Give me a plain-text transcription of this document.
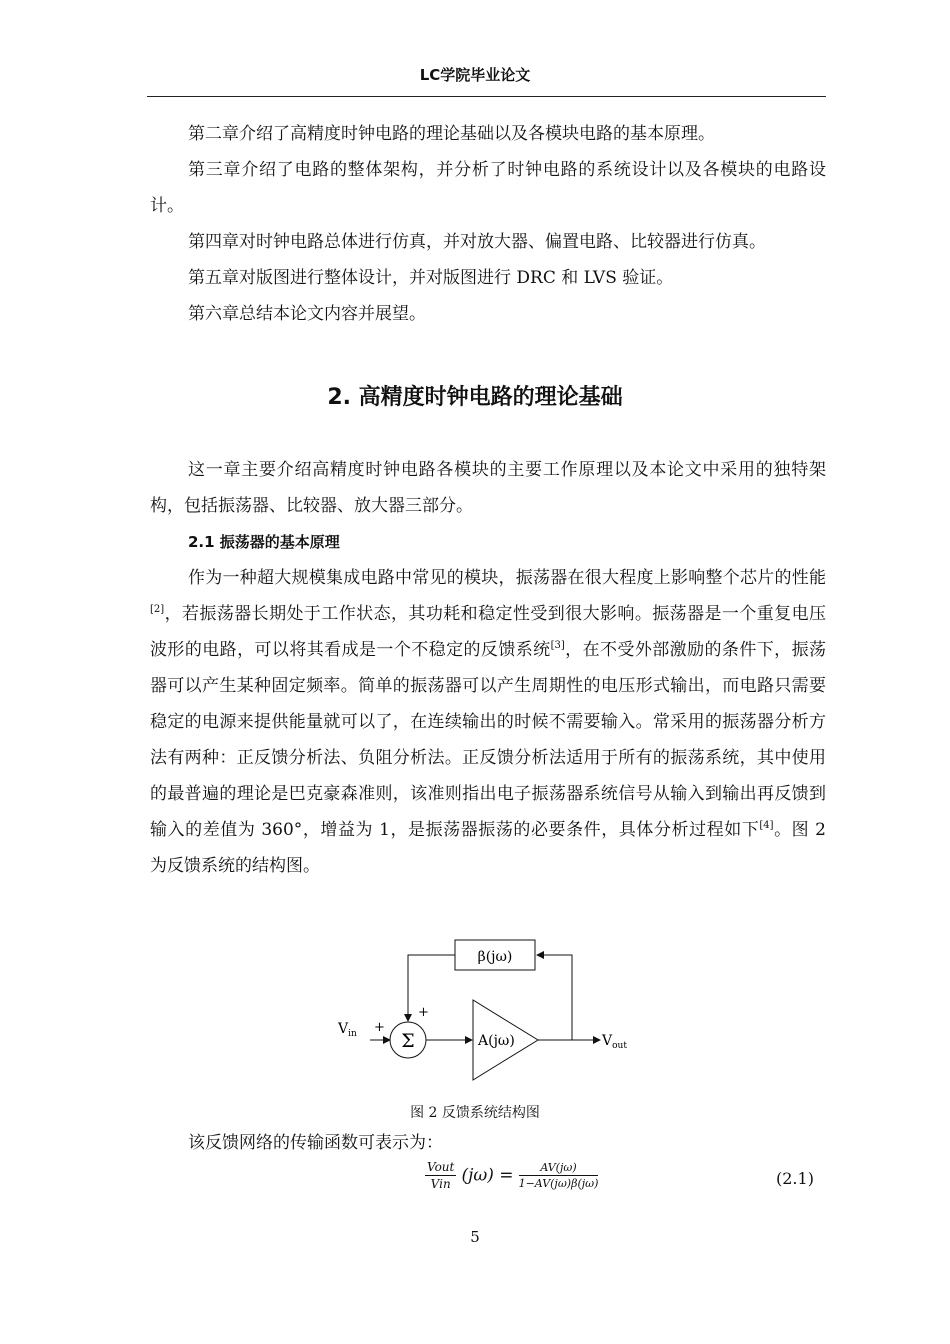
LC学院毕业论文

第二章介绍了高精度时钟电路的理论基础以及各模块电路的基本原理。

第三章介绍了电路的整体架构，并分析了时钟电路的系统设计以及各模块的电路设计。

第四章对时钟电路总体进行仿真，并对放大器、偏置电路、比较器进行仿真。

第五章对版图进行整体设计，并对版图进行 DRC 和 LVS 验证。

第六章总结本论文内容并展望。

2. 高精度时钟电路的理论基础

这一章主要介绍高精度时钟电路各模块的主要工作原理以及本论文中采用的独特架构，包括振荡器、比较器、放大器三部分。

2.1 振荡器的基本原理

作为一种超大规模集成电路中常见的模块，振荡器在很大程度上影响整个芯片的性能[2]，若振荡器长期处于工作状态，其功耗和稳定性受到很大影响。振荡器是一个重复电压波形的电路，可以将其看成是一个不稳定的反馈系统[3]，在不受外部激励的条件下，振荡器可以产生某种固定频率。简单的振荡器可以产生周期性的电压形式输出，而电路只需要稳定的电源来提供能量就可以了，在连续输出的时候不需要输入。常采用的振荡器分析方法有两种：正反馈分析法、负阻分析法。正反馈分析法适用于所有的振荡系统，其中使用的最普遍的理论是巴克豪森准则，该准则指出电子振荡器系统信号从输入到输出再反馈到输入的差值为 360°，增益为 1，是振荡器振荡的必要条件，具体分析过程如下[4]。图 2 为反馈系统的结构图。

β(jω)
Σ	A(jω)
$V_{in}$ +
+
$V_{out}$
图 2 反馈系统结构图
该反馈网络的传输函数可表示为：
$\frac{\text{Vout}}{\text{Vin}} (j\omega) = \frac{AV(j\omega)}{1-AV(j\omega)\beta(j\omega)}$	(2.1)
5
